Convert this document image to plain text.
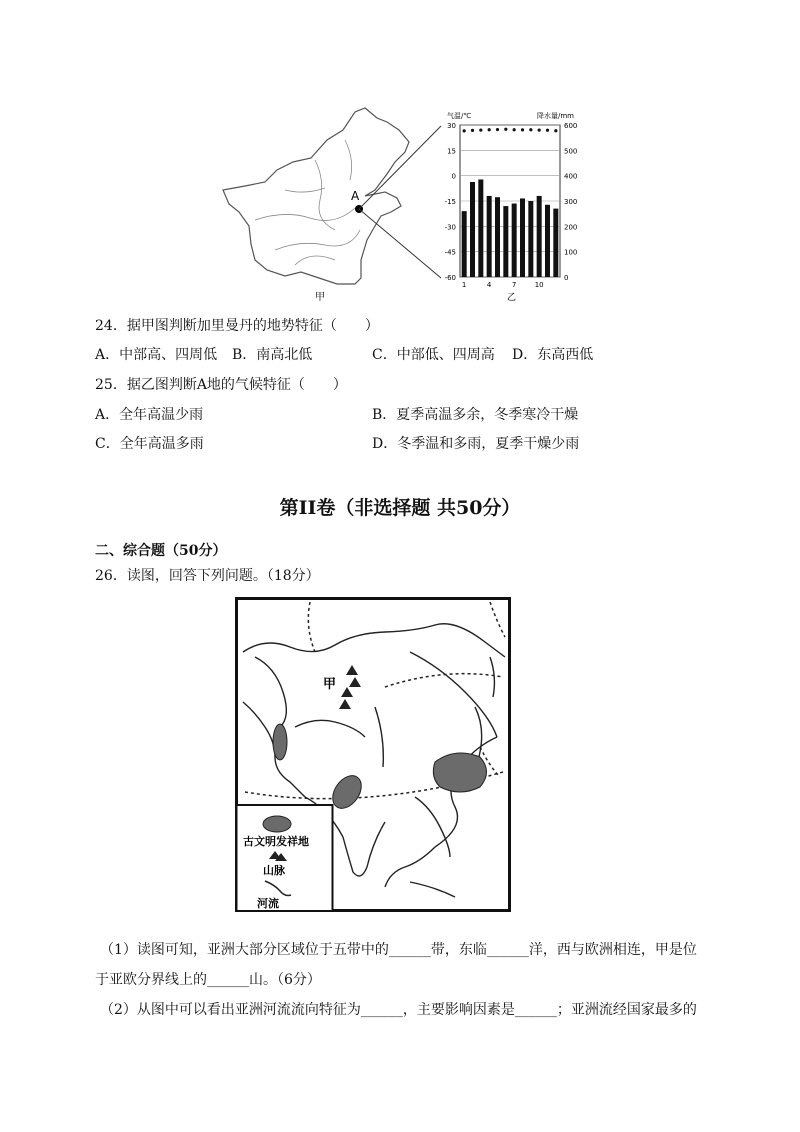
A
甲
气温/℃	降水量/mm
30
15
0
-15
-30
-45
-60
600
500
400
300
200
100
0
1	4	7	10
乙
24．据甲图判断加里曼丹的地势特征（　　）
A．中部高、四周低 B．南高北低	C．中部低、四周高 D．东高西低
25．据乙图判断A地的气候特征（　　）
A．全年高温少雨	B．夏季高温多余，冬季寒冷干燥
C．全年高温多雨	D．冬季温和多雨，夏季干燥少雨
第II卷（非选择题 共50分）
二、综合题（50分）
26．读图，回答下列问题。（18分）
甲
古文明发祥地
山脉
河流
（1）读图可知，亚洲大部分区域位于五带中的______带，东临______洋，西与欧洲相连，甲是位
于亚欧分界线上的______山。（6分）
（2）从图中可以看出亚洲河流流向特征为______，主要影响因素是______；亚洲流经国家最多的
